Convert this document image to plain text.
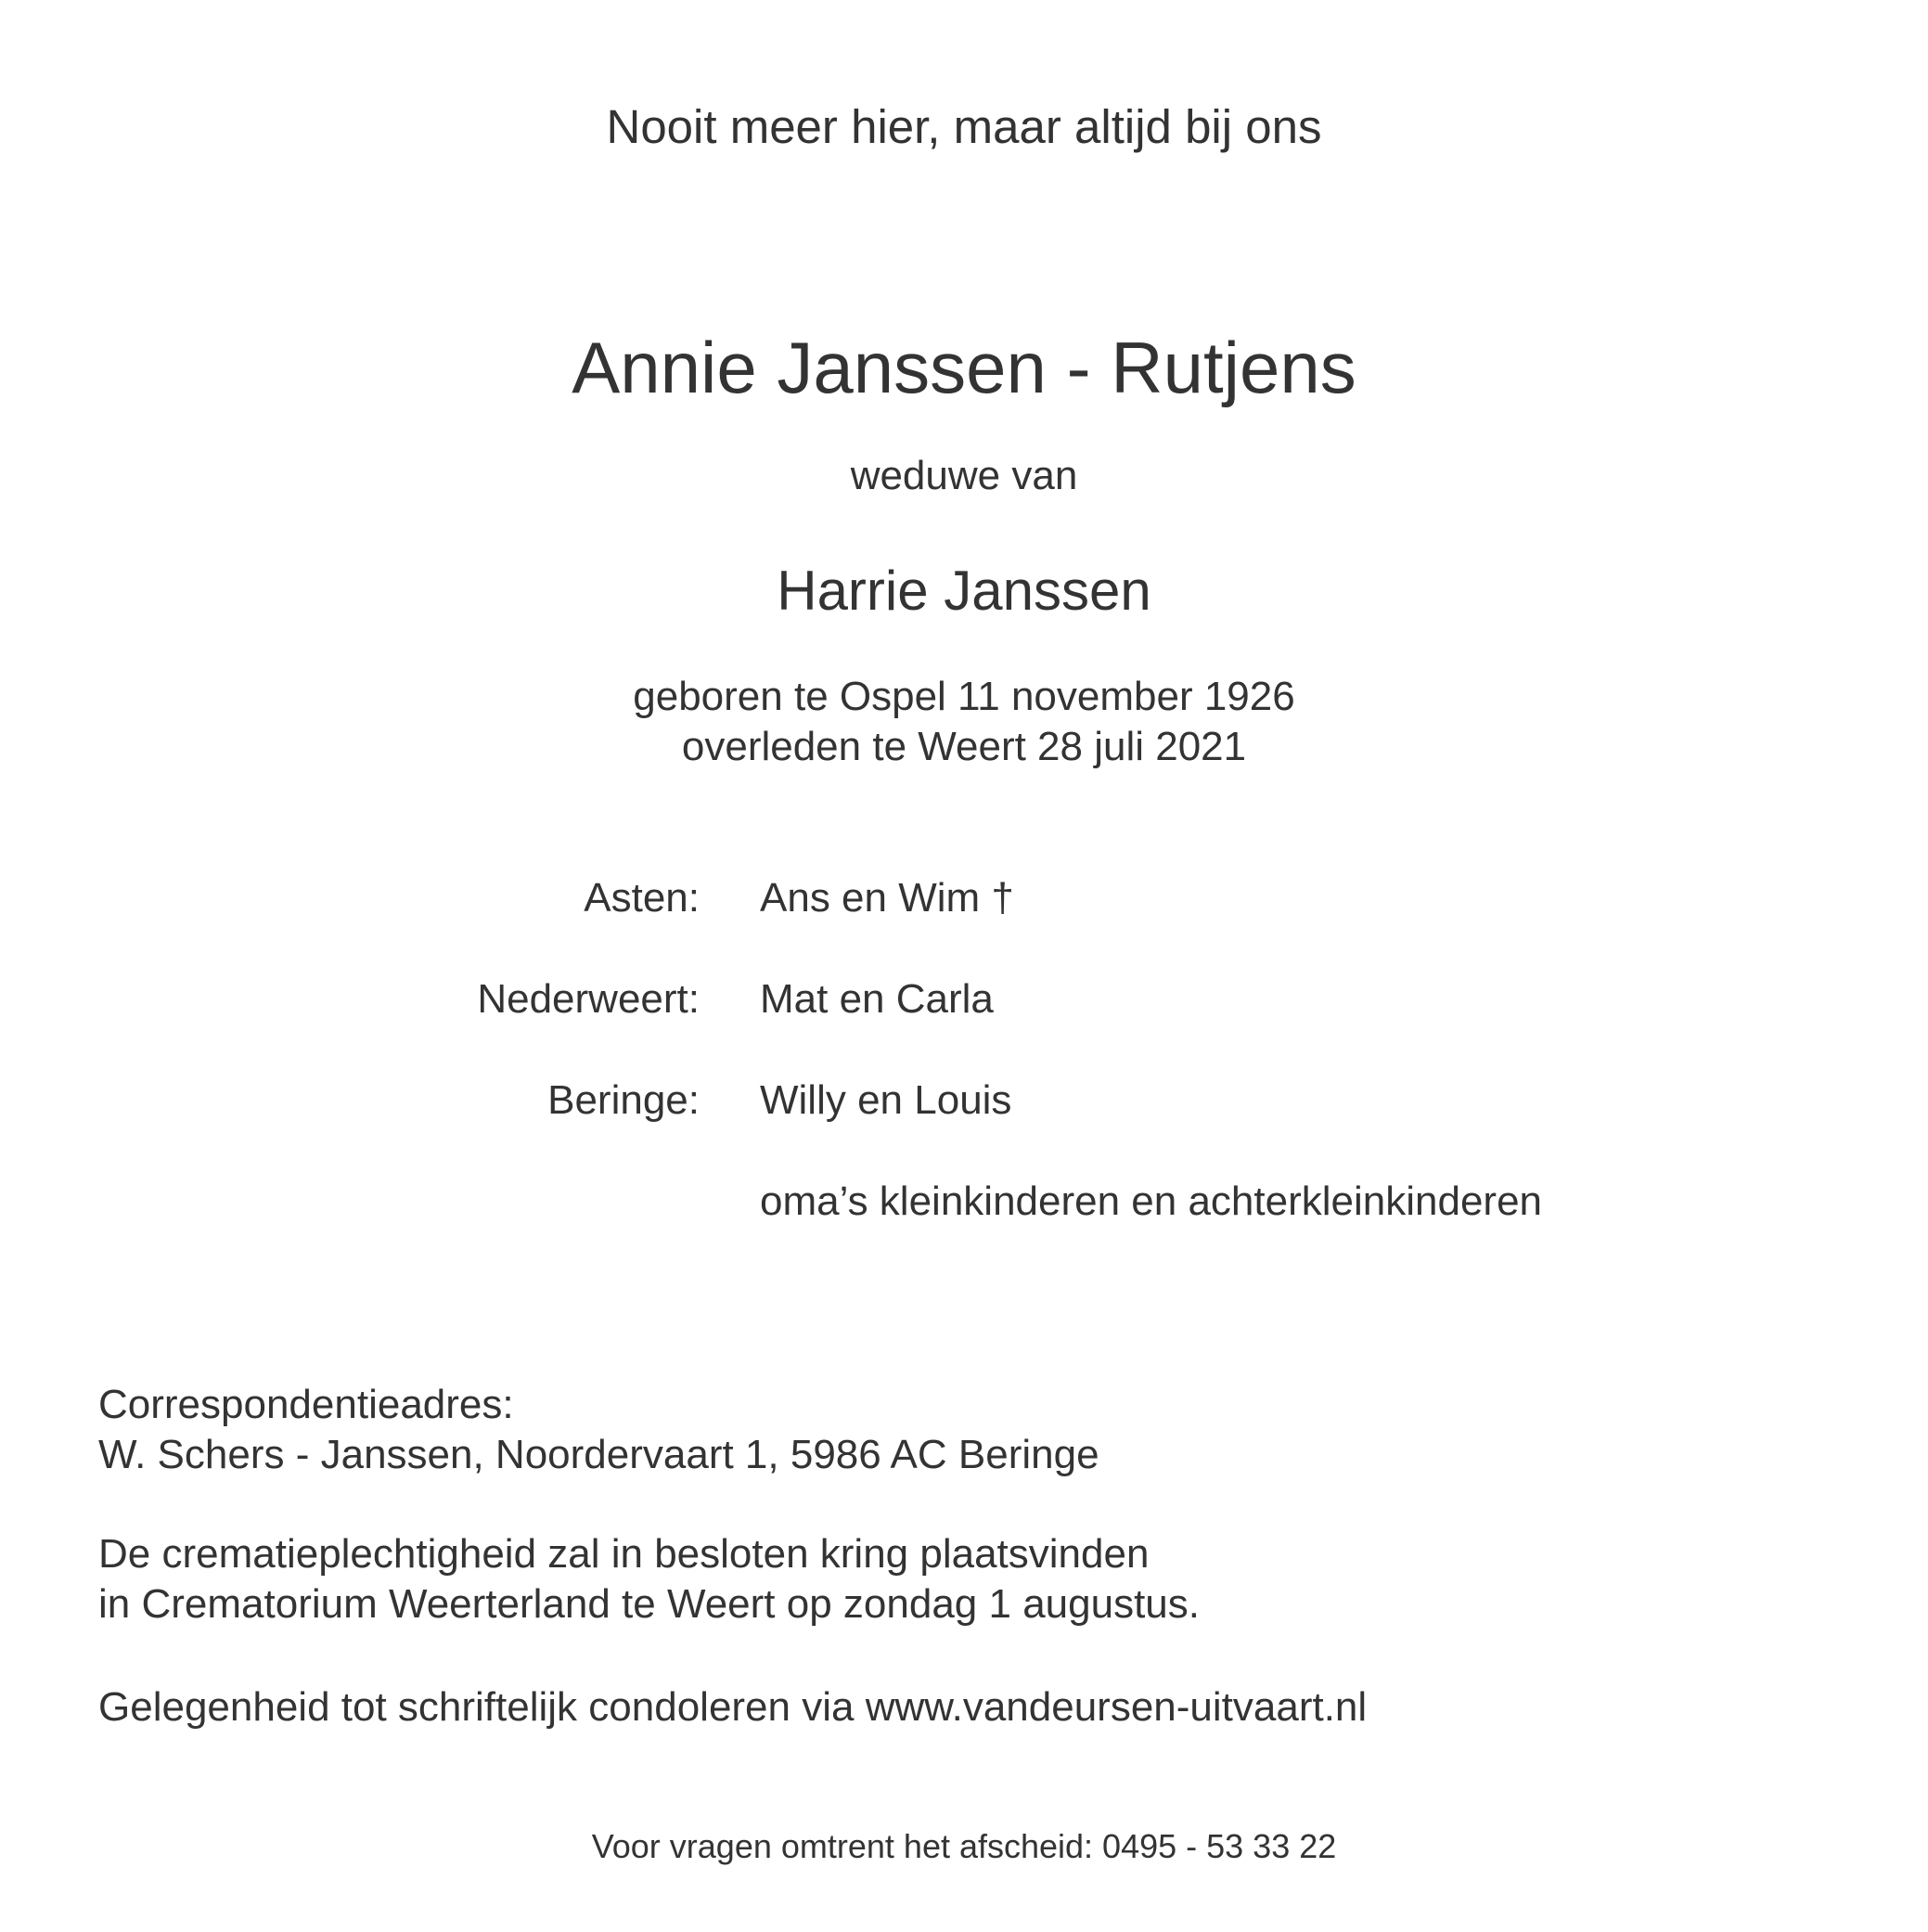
Nooit meer hier, maar altijd bij ons
Annie Janssen - Rutjens
weduwe van
Harrie Janssen
geboren te Ospel 11 november 1926
overleden te Weert 28 juli 2021
Asten: Ans en Wim †
Nederweert: Mat en Carla
Beringe: Willy en Louis
oma’s kleinkinderen en achterkleinkinderen
Correspondentieadres:
W. Schers - Janssen, Noordervaart 1, 5986 AC Beringe
De crematieplechtigheid zal in besloten kring plaatsvinden
in Crematorium Weerterland te Weert op zondag 1 augustus.
Gelegenheid tot schriftelijk condoleren via www.vandeursen-uitvaart.nl
Voor vragen omtrent het afscheid: 0495 - 53 33 22
